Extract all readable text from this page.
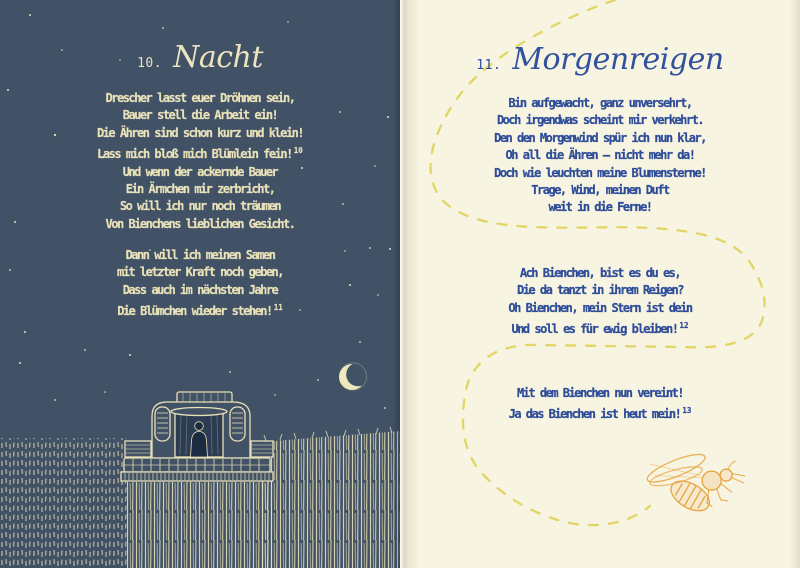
10. Nacht
Drescher lasst euer Dröhnen sein,
Bauer stell die Arbeit ein!
Die Ähren sind schon kurz und klein!
Lass mich bloß mich Blümlein fein! $^{10}$
Und wenn der ackernde Bauer
Ein Ärmchen mir zerbricht,
So will ich nur noch träumen
Von Bienchens lieblichen Gesicht.
Dann will ich meinen Samen
mit letzter Kraft noch geben,
Dass auch im nächsten Jahre
Die Blümchen wieder stehen! $^{11}$
11. Morgenreigen
Bin aufgewacht, ganz unversehrt,
Doch irgendwas scheint mir verkehrt.
Den den Morgenwind spür ich nun klar,
Oh all die Ähren – nicht mehr da!
Doch wie leuchten meine Blumensterne!
Trage, Wind, meinen Duft
weit in die Ferne!
Ach Bienchen, bist es du es,
Die da tanzt in ihrem Reigen?
Oh Bienchen, mein Stern ist dein
Und soll es für ewig bleiben! $^{12}$
Mit dem Bienchen nun vereint!
Ja das Bienchen ist heut mein! $^{13}$
